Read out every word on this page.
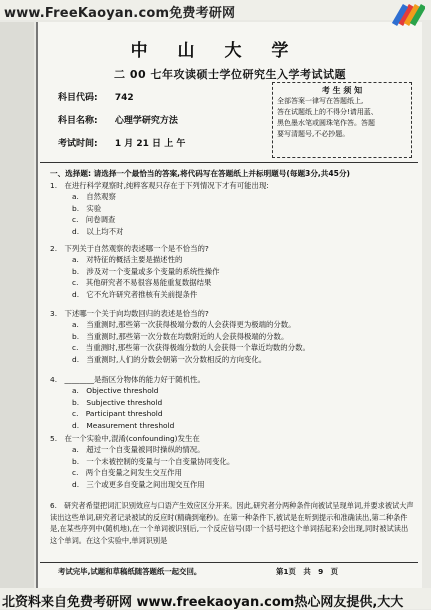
www.FreeKaoyan.com免费考研网
中 山 大 学
二 00 七年攻读硕士学位研究生入学考试试题
科目代码: 742
科目名称: 心理学研究方法
考试时间: 1 月 21 日 上 午
考 生 须 知
全部答案一律写在答题纸上,
答在试题纸上的不得分!请用蓝、
黑色墨水笔或圆珠笔作答。答题
要写清题号,不必抄题。
一、选择题: 请选择一个最恰当的答案,将代码写在答题纸上并标明题号(每题3分,共45分)
1.　在进行科学观察时,纯粹客观只存在于下列情况下才有可能出现:
a.　自然观察
b.　实验
c.　问卷调查
d.　以上均不对
2.　下列关于自然观察的表述哪一个是不恰当的?
a.　对特征的概括主要是描述性的
b.　涉及对一个变量或多个变量的系统性操作
c.　其他研究者不易很容易能重复数据结果
d.　它不允许研究者推核有关前提条件
3.　下述哪一个关于向均数回归的表述是恰当的?
a.　当重测时,那些第一次获得极端分数的人会获得更为极端的分数。
b.　当重测时,那些第一次分数在均数附近的人会获得极端的分数。
c.　当重测时,那些第一次获得极端分数的人会获得一个靠近均数的分数。
d.　当重测时,人们的分数会朝第一次分数相反的方向变化。
4.　________是指区分物体的能力好于随机性。
a.　Objective threshold
b.　Subjective threshold
c.　Participant threshold
d.　Measurement threshold
5.　在一个实验中,混淆(confounding)发生在
a.　超过一个自变量被同时操纵的情况。
b.　一个未被控制的变量与一个自变量协同变化。
c.　两个自变量之间发生交互作用
d.　三个或更多自变量之间出现交互作用
6.　研究者希望把词汇识别效应与口语产生效应区分开来。因此,研究者分两种条件向被试呈现单词,并要求被试大声读出这些单词,研究者记录被试的反应时(精确到毫秒)。在第一种条件下,被试是在听到提示和准确读出,第二种条件是,在某些序列中(随机地),在一个单词被识别后,一个反应信号(即一个括号把这个单词括起来)会出现,同时被试读出这个单词。在这个实验中,单词识别是
考试完毕,试题和草稿纸随答题纸一起交回。	第1页　共　9　页
北资料来自免费考研网 www.freekaoyan.com热心网友提供,大大
